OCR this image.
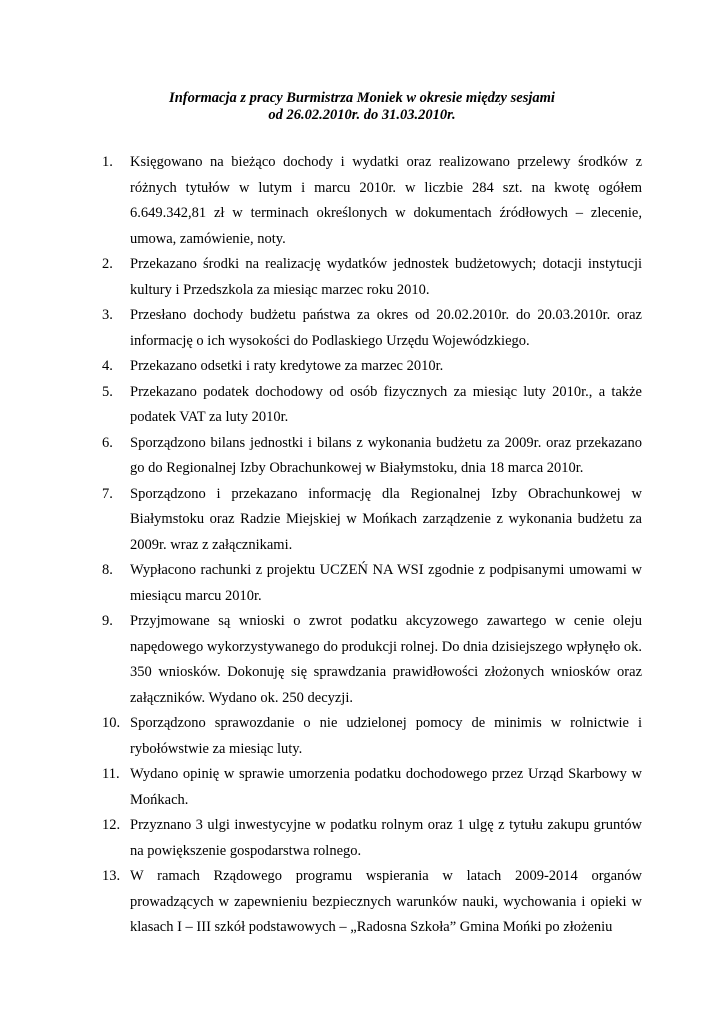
Informacja z pracy Burmistrza Moniek w okresie między sesjami
od 26.02.2010r. do 31.03.2010r.
1.	Księgowano na bieżąco dochody i wydatki oraz realizowano przelewy środków z różnych tytułów w lutym i marcu 2010r. w liczbie 284 szt. na kwotę ogółem 6.649.342,81 zł w terminach określonych w dokumentach źródłowych – zlecenie, umowa, zamówienie, noty.
2.	Przekazano środki na realizację wydatków jednostek budżetowych; dotacji instytucji kultury i Przedszkola za miesiąc marzec roku 2010.
3.	Przesłano dochody budżetu państwa za okres od 20.02.2010r. do 20.03.2010r. oraz informację o ich wysokości do Podlaskiego Urzędu Wojewódzkiego.
4.	Przekazano odsetki i raty kredytowe za marzec 2010r.
5.	Przekazano podatek dochodowy od osób fizycznych za miesiąc luty 2010r., a także podatek VAT za luty 2010r.
6.	Sporządzono bilans jednostki i bilans z wykonania budżetu za 2009r. oraz przekazano go do Regionalnej Izby Obrachunkowej w Białymstoku, dnia 18 marca 2010r.
7.	Sporządzono i przekazano informację dla Regionalnej Izby Obrachunkowej w Białymstoku oraz Radzie Miejskiej w Mońkach zarządzenie z wykonania budżetu za 2009r. wraz z załącznikami.
8.	Wypłacono rachunki z projektu UCZEŃ NA WSI zgodnie z podpisanymi umowami w miesiącu marcu 2010r.
9.	Przyjmowane są wnioski o zwrot podatku akcyzowego zawartego w cenie oleju napędowego wykorzystywanego do produkcji rolnej. Do dnia dzisiejszego wpłynęło ok. 350 wniosków. Dokonuję się sprawdzania prawidłowości złożonych wniosków oraz załączników. Wydano ok. 250 decyzji.
10. Sporządzono sprawozdanie o nie udzielonej pomocy de minimis w rolnictwie i rybołówstwie za miesiąc luty.
11. Wydano opinię w sprawie umorzenia podatku dochodowego przez Urząd Skarbowy w Mońkach.
12. Przyznano 3 ulgi inwestycyjne w podatku rolnym oraz 1 ulgę z tytułu zakupu gruntów na powiększenie gospodarstwa rolnego.
13. W ramach Rządowego programu wspierania w latach 2009-2014 organów prowadzących w zapewnieniu bezpiecznych warunków nauki, wychowania i opieki w klasach I – III szkół podstawowych – „Radosna Szkoła” Gmina Mońki po złożeniu
